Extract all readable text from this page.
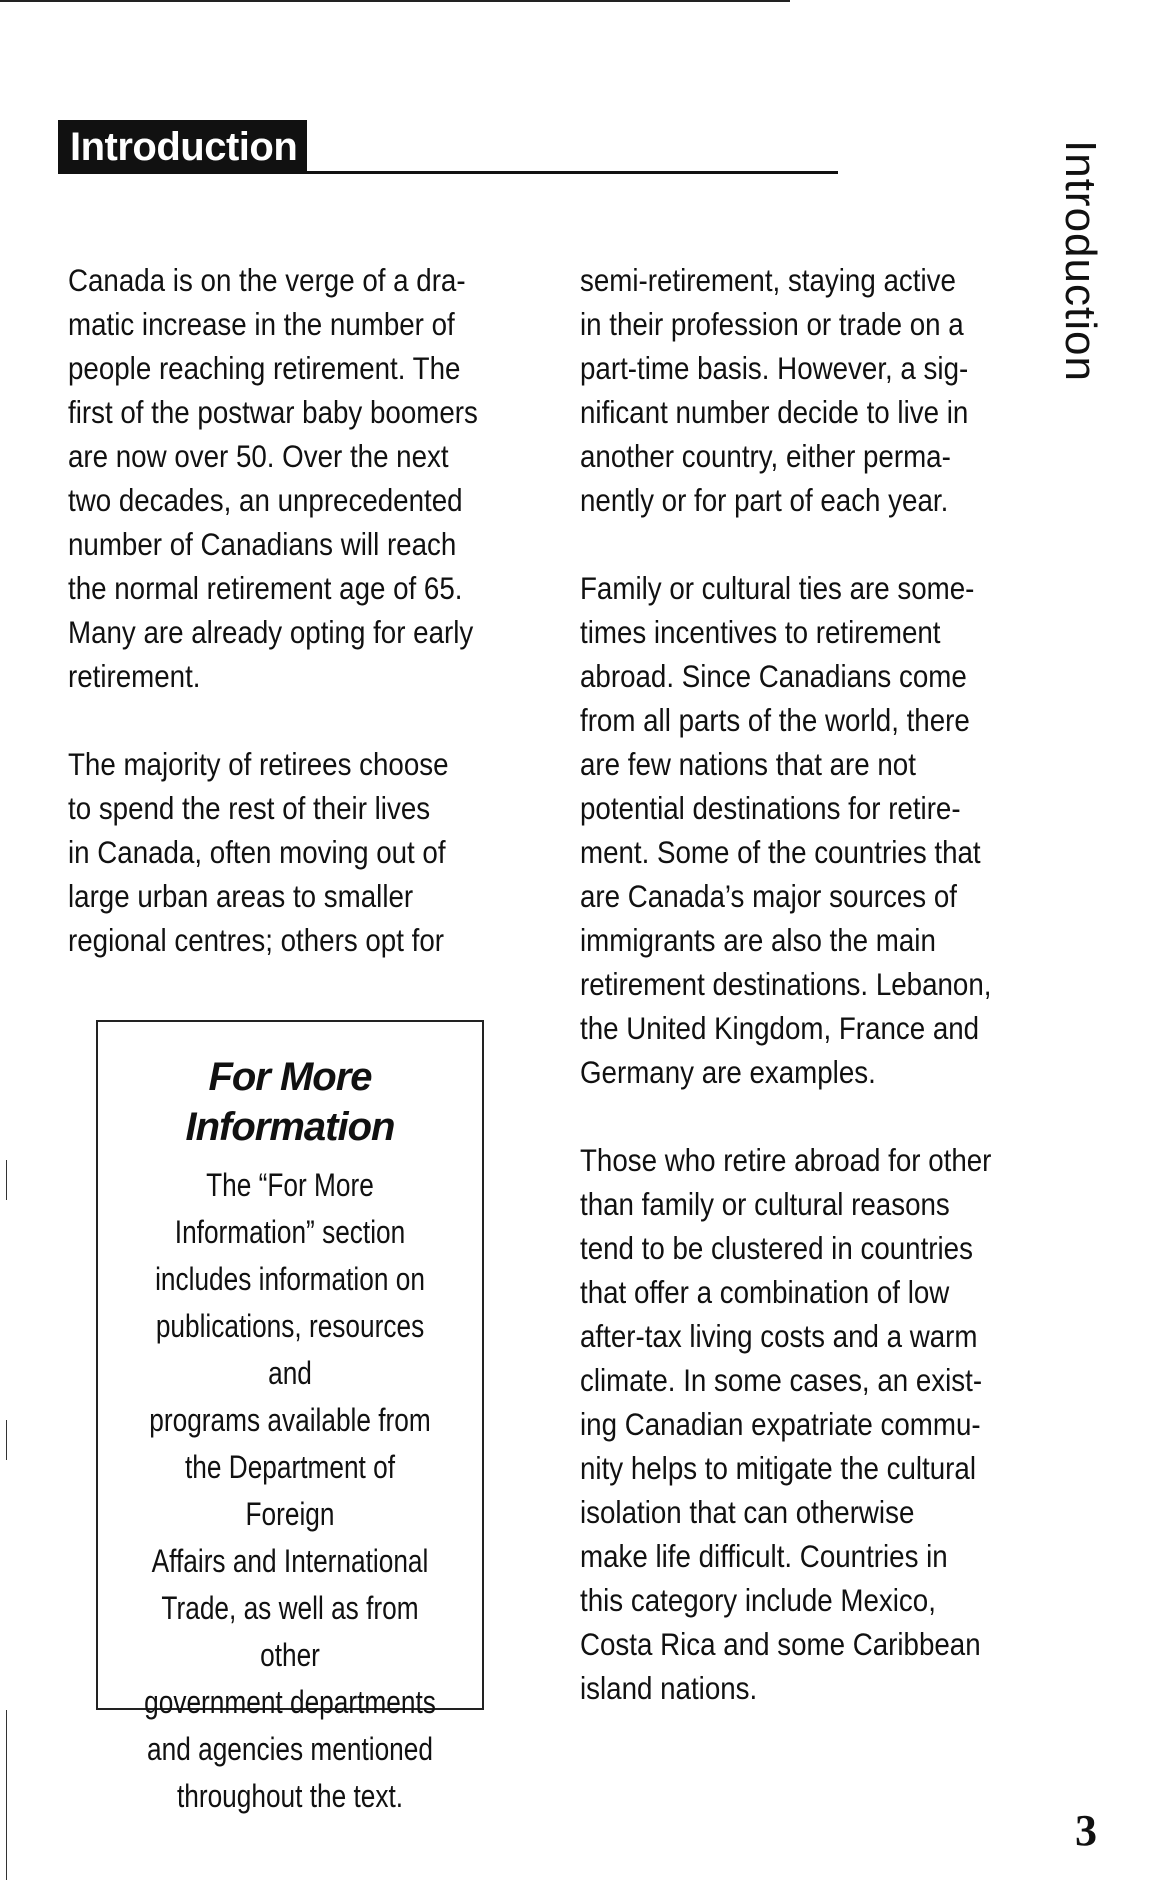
Introduction

Canada is on the verge of a dra-
matic increase in the number of
people reaching retirement. The
first of the postwar baby boomers
are now over 50. Over the next
two decades, an unprecedented
number of Canadians will reach
the normal retirement age of 65.
Many are already opting for early
retirement.

The majority of retirees choose
to spend the rest of their lives
in Canada, often moving out of
large urban areas to smaller
regional centres; others opt for

For More
Information
The “For More
Information” section
includes information on
publications, resources and
programs available from
the Department of Foreign
Affairs and International
Trade, as well as from other
government departments
and agencies mentioned
throughout the text.

semi-retirement, staying active
in their profession or trade on a
part-time basis. However, a sig-
nificant number decide to live in
another country, either perma-
nently or for part of each year.

Family or cultural ties are some-
times incentives to retirement
abroad. Since Canadians come
from all parts of the world, there
are few nations that are not
potential destinations for retire-
ment. Some of the countries that
are Canada’s major sources of
immigrants are also the main
retirement destinations. Lebanon,
the United Kingdom, France and
Germany are examples.

Those who retire abroad for other
than family or cultural reasons
tend to be clustered in countries
that offer a combination of low
after-tax living costs and a warm
climate. In some cases, an exist-
ing Canadian expatriate commu-
nity helps to mitigate the cultural
isolation that can otherwise
make life difficult. Countries in
this category include Mexico,
Costa Rica and some Caribbean
island nations.

Introduction
3
